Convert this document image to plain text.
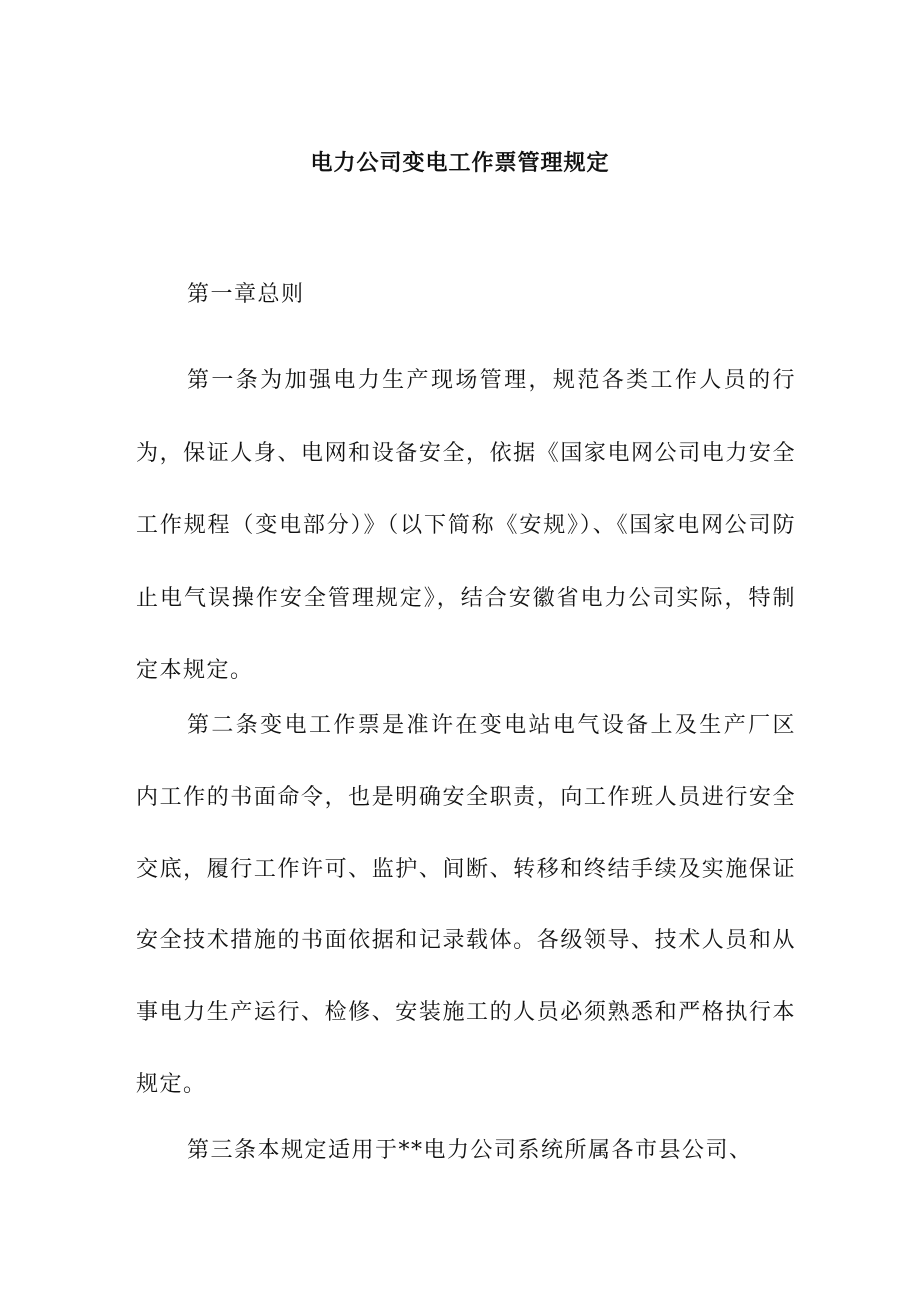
电力公司变电工作票管理规定

第一章总则

第一条为加强电力生产现场管理，规范各类工作人员的行为，保证人身、电网和设备安全，依据《国家电网公司电力安全工作规程（变电部分）》（以下简称《安规》）、《国家电网公司防止电气误操作安全管理规定》，结合安徽省电力公司实际，特制定本规定。

第二条变电工作票是准许在变电站电气设备上及生产厂区内工作的书面命令，也是明确安全职责，向工作班人员进行安全交底，履行工作许可、监护、间断、转移和终结手续及实施保证安全技术措施的书面依据和记录载体。各级领导、技术人员和从事电力生产运行、检修、安装施工的人员必须熟悉和严格执行本规定。

第三条本规定适用于**电力公司系统所属各市县公司、
